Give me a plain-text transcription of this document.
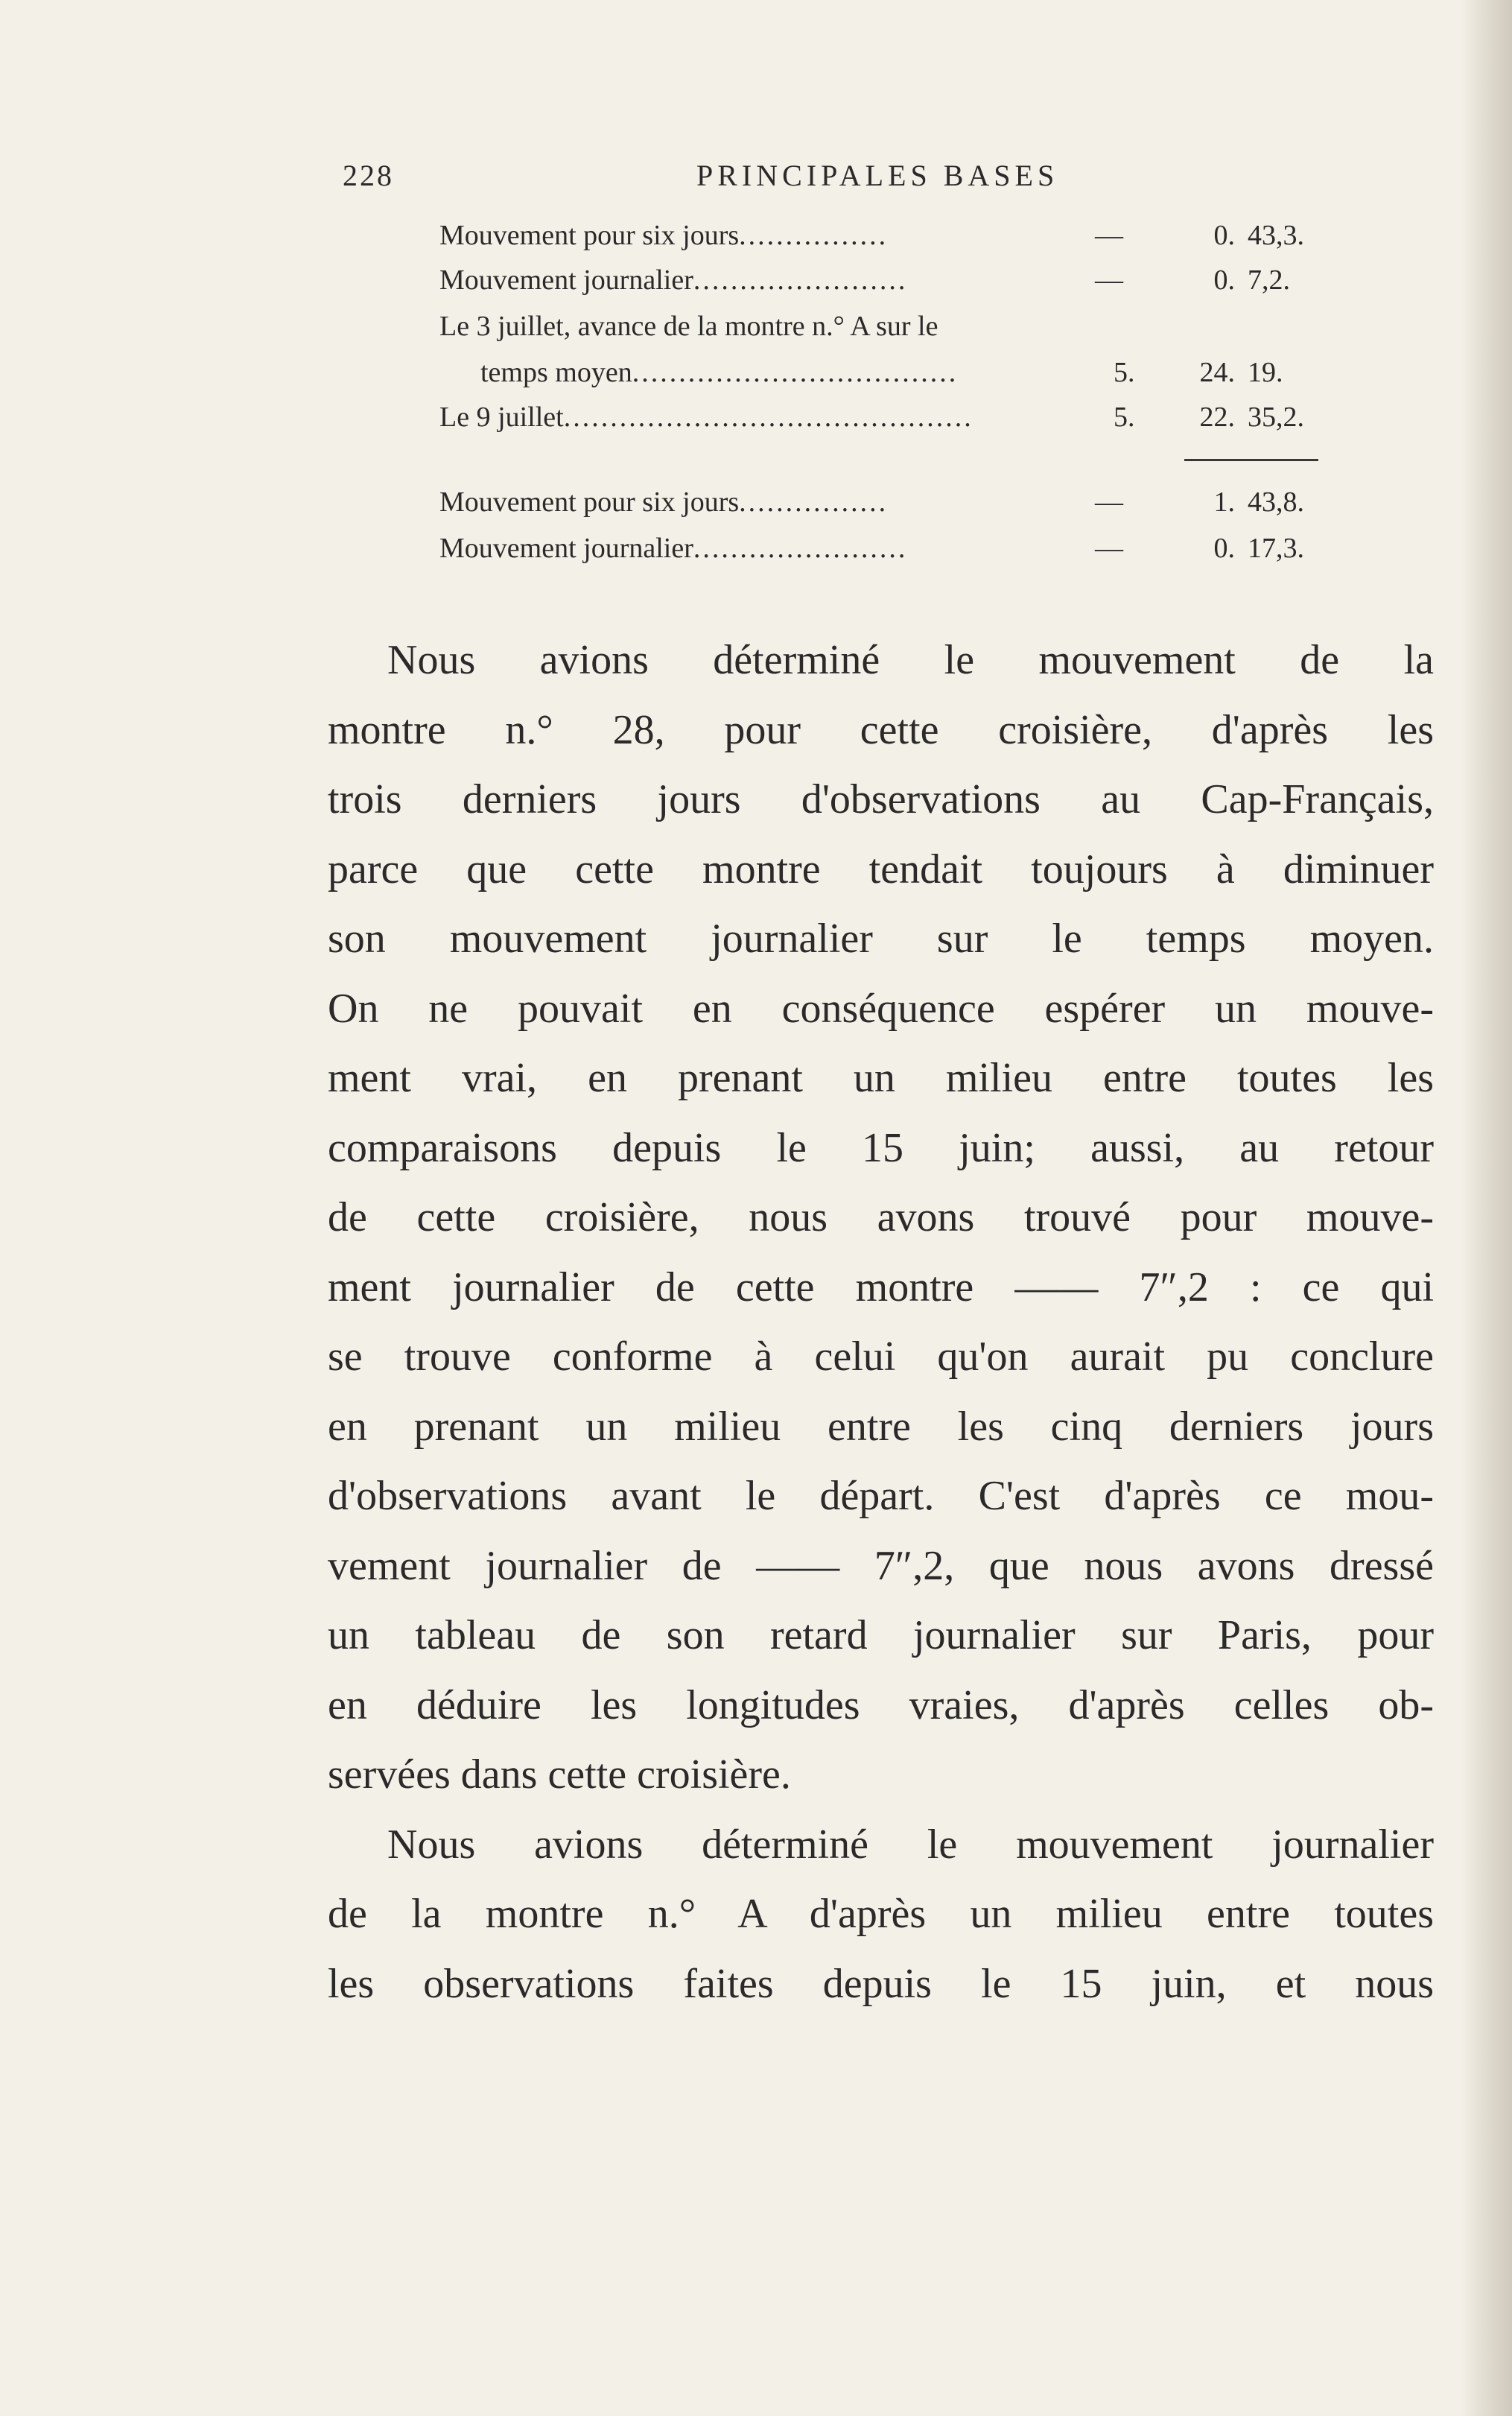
228	PRINCIPALES BASES
Mouvement pour six jours................	—	0. 43,3.
Mouvement journalier.......................	—	0. 7,2.
Le 3 juillet, avance de la montre n.° A sur le
temps moyen...................................	5.	24. 19.
Le 9 juillet............................................	5.	22. 35,2.
Mouvement pour six jours................	—	1. 43,8.
Mouvement journalier.......................	—	0. 17,3.
Nous avions déterminé le mouvement de la
montre n.° 28, pour cette croisière, d'après les
trois derniers jours d'observations au Cap-Français,
parce que cette montre tendait toujours à diminuer
son mouvement journalier sur le temps moyen.
On ne pouvait en conséquence espérer un mouve-
ment vrai, en prenant un milieu entre toutes les
comparaisons depuis le 15 juin; aussi, au retour
de cette croisière, nous avons trouvé pour mouve-
ment journalier de cette montre —— 7″,2 : ce qui
se trouve conforme à celui qu'on aurait pu conclure
en prenant un milieu entre les cinq derniers jours
d'observations avant le départ. C'est d'après ce mou-
vement journalier de —— 7″,2, que nous avons dressé
un tableau de son retard journalier sur Paris, pour
en déduire les longitudes vraies, d'après celles ob-
servées dans cette croisière.
Nous avions déterminé le mouvement journalier
de la montre n.° A d'après un milieu entre toutes
les observations faites depuis le 15 juin, et nous
